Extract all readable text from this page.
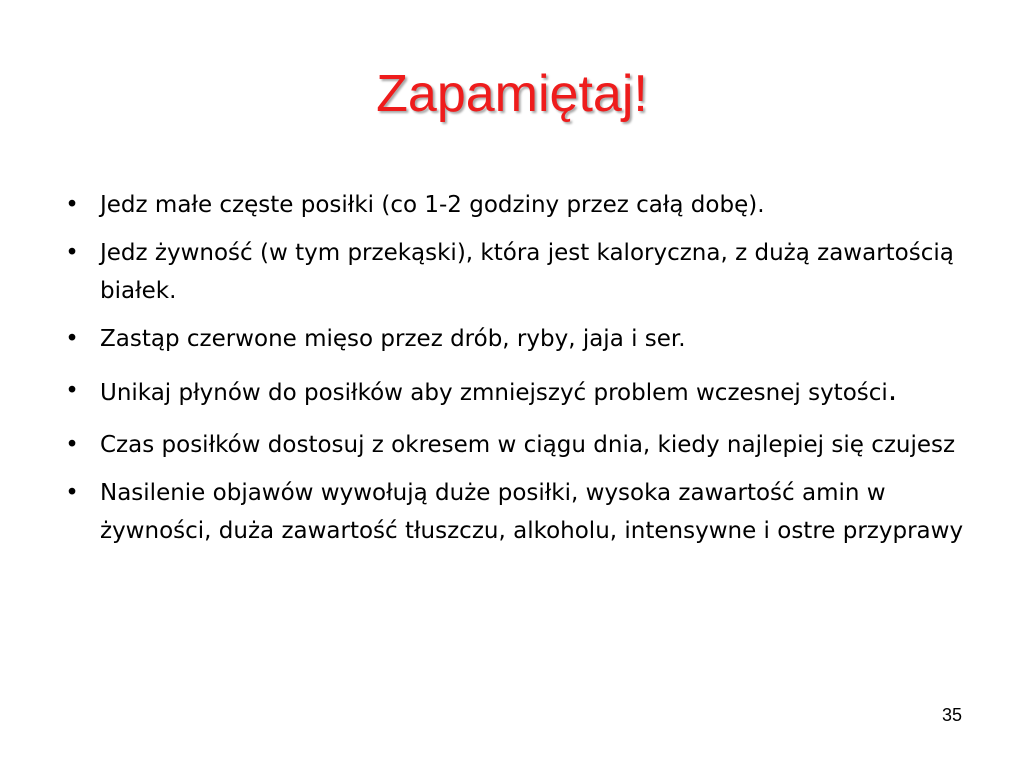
Zapamiętaj!
• Jedz małe częste posiłki (co 1-2 godziny przez całą dobę).
• Jedz żywność (w tym przekąski), która jest kaloryczna, z dużą zawartością białek.
• Zastąp czerwone mięso przez drób, ryby, jaja i ser.
• Unikaj płynów do posiłków aby zmniejszyć problem wczesnej sytości.
• Czas posiłków dostosuj z okresem w ciągu dnia, kiedy najlepiej się czujesz
• Nasilenie objawów wywołują duże posiłki, wysoka zawartość amin w żywności, duża zawartość tłuszczu, alkoholu, intensywne i ostre przyprawy
35
